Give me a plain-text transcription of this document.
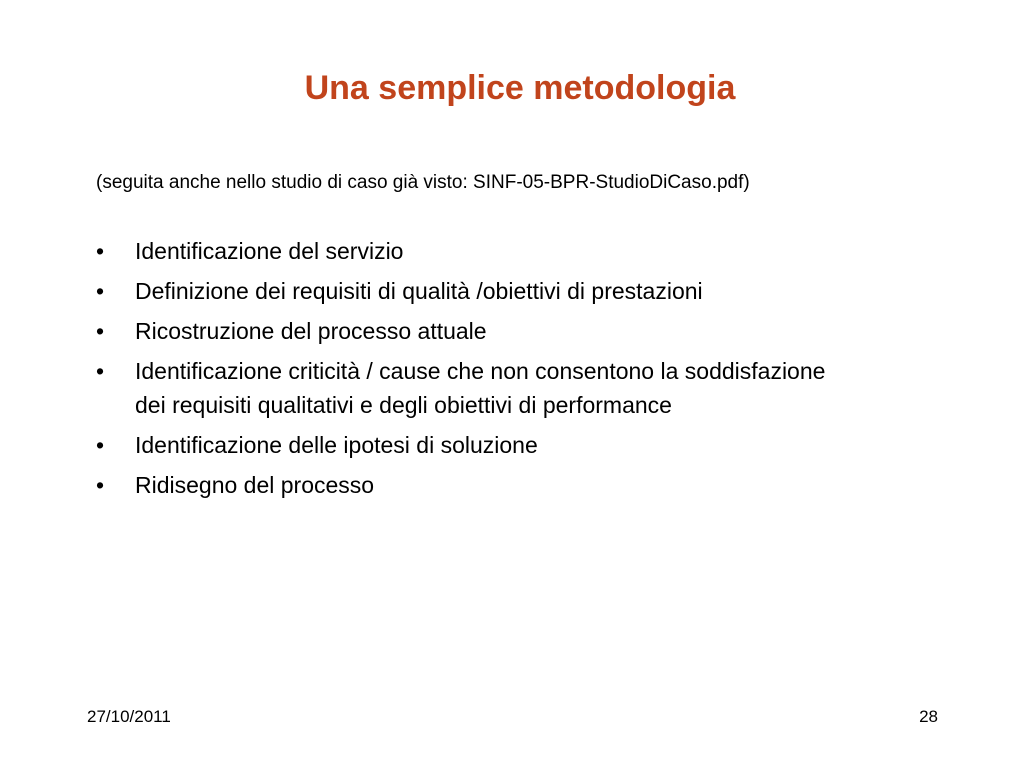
Una semplice metodologia
(seguita anche nello studio di caso già visto: SINF-05-BPR-StudioDiCaso.pdf)
•	Identificazione del servizio
•	Definizione dei requisiti di qualità /obiettivi di prestazioni
•	Ricostruzione del processo attuale
•	Identificazione criticità / cause che non consentono la soddisfazione dei requisiti qualitativi e degli obiettivi di performance
•	Identificazione delle ipotesi di soluzione
•	Ridisegno del processo
27/10/2011	28
